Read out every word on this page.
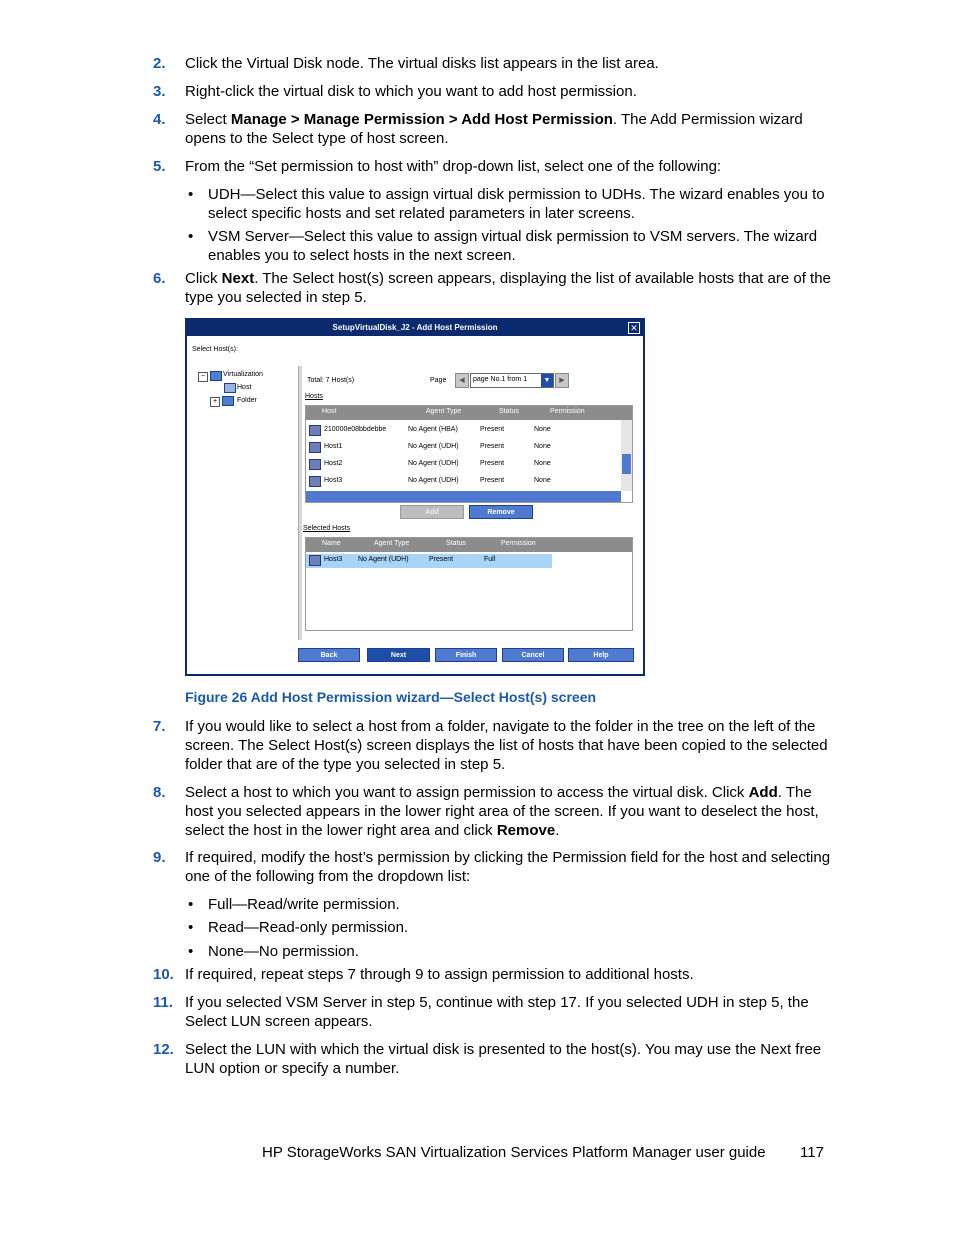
2. Click the Virtual Disk node. The virtual disks list appears in the list area.
3. Right-click the virtual disk to which you want to add host permission.
4. Select Manage > Manage Permission > Add Host Permission. The Add Permission wizard opens to the Select type of host screen.
5. From the “Set permission to host with” drop-down list, select one of the following:
• UDH—Select this value to assign virtual disk permission to UDHs. The wizard enables you to select specific hosts and set related parameters in later screens.
• VSM Server—Select this value to assign virtual disk permission to VSM servers. The wizard enables you to select hosts in the next screen.
6. Click Next. The Select host(s) screen appears, displaying the list of available hosts that are of the type you selected in step 5.
SetupVirtualDisk_J2 - Add Host Permission	✕
Select Host(s):
−	Virtualization
Host
+	Folder
Total: 7 Host(s)	Page	◀	page No.1 from 1	▼	▶
Hosts
Host	Agent Type	Status	Permission
210000e08bbdebbe	No Agent (HBA)	Present	None
Host1	No Agent (UDH)	Present	None
Host2	No Agent (UDH)	Present	None
Host3	No Agent (UDH)	Present	None
Add	Remove
Selected Hosts
Name	Agent Type	Status	Permission
Host3 No Agent (UDH)	Present	Full
Back	Next	Finish	Cancel	Help
Figure 26 Add Host Permission wizard—Select Host(s) screen
7. If you would like to select a host from a folder, navigate to the folder in the tree on the left of the screen. The Select Host(s) screen displays the list of hosts that have been copied to the selected folder that are of the type you selected in step 5.
8. Select a host to which you want to assign permission to access the virtual disk. Click Add. The host you selected appears in the lower right area of the screen. If you want to deselect the host, select the host in the lower right area and click Remove.
9. If required, modify the host’s permission by clicking the Permission field for the host and selecting one of the following from the dropdown list:
• Full—Read/write permission.
• Read—Read-only permission.
• None—No permission.
10. If required, repeat steps 7 through 9 to assign permission to additional hosts.
11. If you selected VSM Server in step 5, continue with step 17. If you selected UDH in step 5, the Select LUN screen appears.
12. Select the LUN with which the virtual disk is presented to the host(s). You may use the Next free LUN option or specify a number.
HP StorageWorks SAN Virtualization Services Platform Manager user guide 117
